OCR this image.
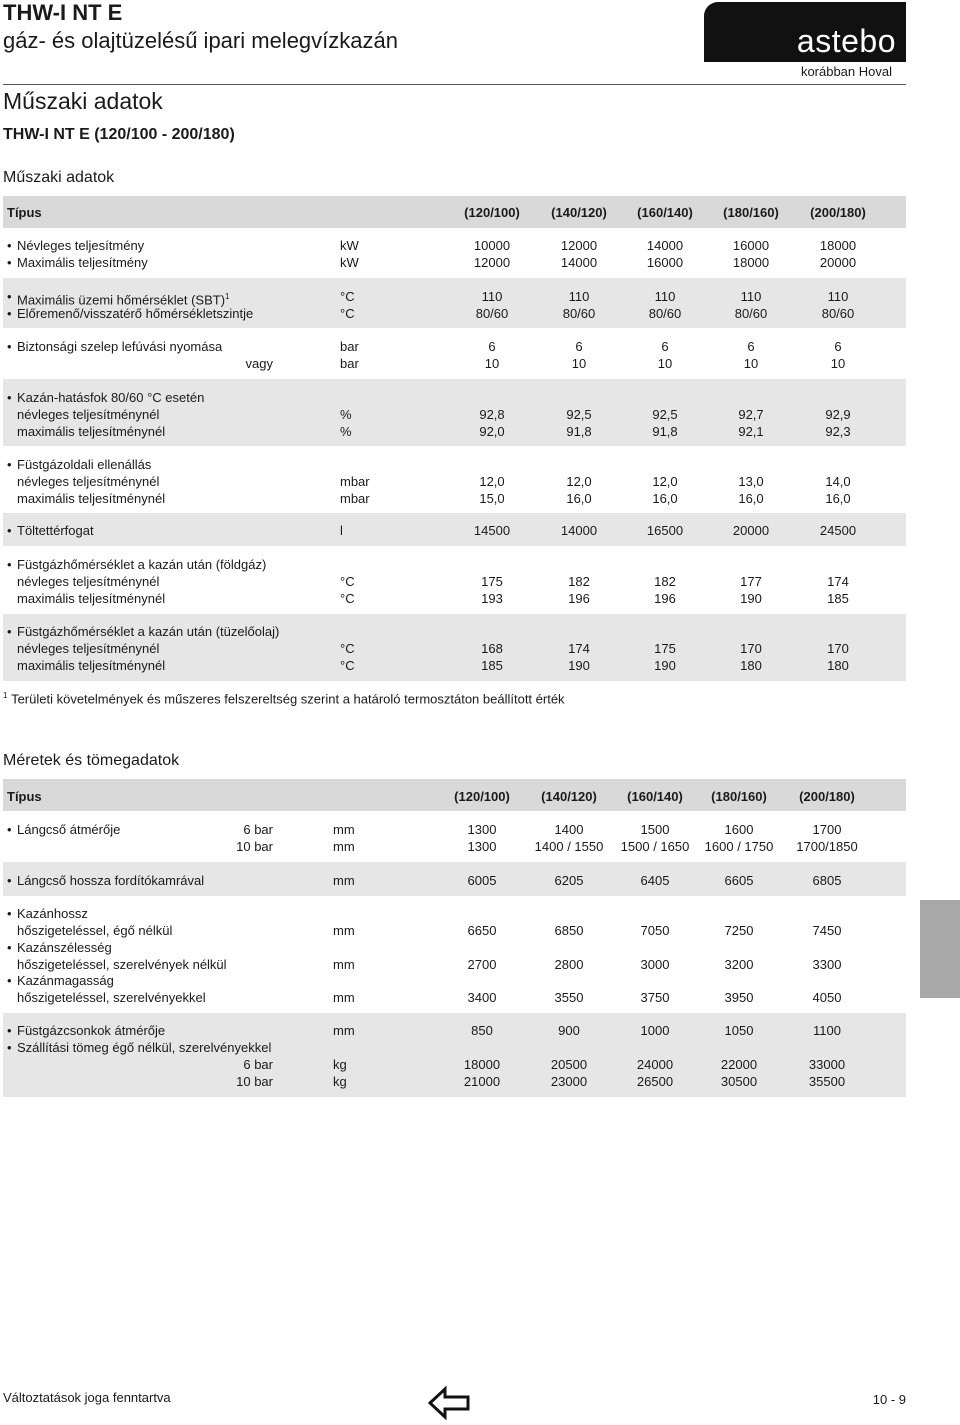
THW-I NT E
gáz- és olajtüzelésű ipari melegvízkazán	astebo
korábban Hoval
Műszaki adatok
THW-I NT E (120/100 - 200/180)
Műszaki adatok
Típus	(120/100)	(140/120)	(160/140)	(180/160)	(200/180)
• Névleges teljesítmény	kW	10000	12000	14000	16000	18000
• Maximális teljesítmény	kW	12000	14000	16000	18000	20000
• Maximális üzemi hőmérséklet (SBT)$^1$	°C	110	110	110	110	110
• Előremenő/visszatérő hőmérsékletszintje	°C	80/60	80/60	80/60	80/60	80/60
• Biztonsági szelep lefúvási nyomása	bar	6	6	6	6	6
vagy	bar	10	10	10	10	10
• Kazán-hatásfok 80/60 °C esetén
névleges teljesítménynél	%	92,8	92,5	92,5	92,7	92,9
maximális teljesítménynél	%	92,0	91,8	91,8	92,1	92,3
• Füstgázoldali ellenállás
névleges teljesítménynél	mbar	12,0	12,0	12,0	13,0	14,0
maximális teljesítménynél	mbar	15,0	16,0	16,0	16,0	16,0
• Töltettérfogat	l	14500	14000	16500	20000	24500
• Füstgázhőmérséklet a kazán után (földgáz)
névleges teljesítménynél	°C	175	182	182	177	174
maximális teljesítménynél	°C	193	196	196	190	185
• Füstgázhőmérséklet a kazán után (tüzelőolaj)
névleges teljesítménynél	°C	168	174	175	170	170
maximális teljesítménynél	°C	185	190	190	180	180
$^1$ Területi követelmények és műszeres felszereltség szerint a határoló termosztáton beállított érték
Méretek és tömegadatok
Típus	(120/100)	(140/120)	(160/140)	(180/160)	(200/180)
• Lángcső átmérője	6 bar	mm	1300	1400	1500	1600	1700
10 bar	mm	1300	1400 / 1550	1500 / 1650	1600 / 1750	1700/1850
• Lángcső hossza fordítókamrával	mm	6005	6205	6405	6605	6805
• Kazánhossz
hőszigeteléssel, égő nélkül	mm	6650	6850	7050	7250	7450
• Kazánszélesség
hőszigeteléssel, szerelvények nélkül	mm	2700	2800	3000	3200	3300
• Kazánmagasság
hőszigeteléssel, szerelvényekkel	mm	3400	3550	3750	3950	4050
• Füstgázcsonkok átmérője	mm	850	900	1000	1050	1100
• Szállítási tömeg égő nélkül, szerelvényekkel
6 bar	kg	18000	20500	24000	22000	33000
10 bar	kg	21000	23000	26500	30500	35500
Változtatások joga fenntartva	10 - 9
